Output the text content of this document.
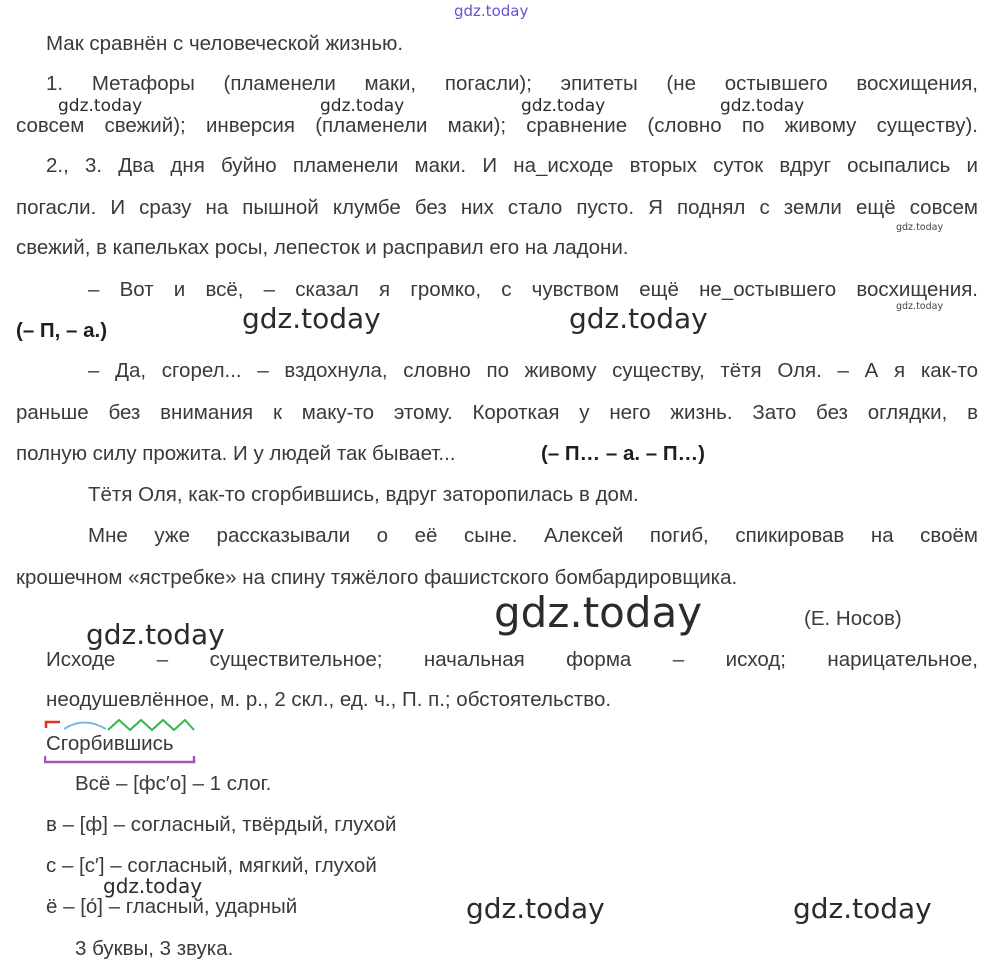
gdz.today
Мак сравнён с человеческой жизнью.
1. Метафоры (пламенели маки, погасли); эпитеты (не остывшего восхищения,
совсем свежий); инверсия (пламенели маки); сравнение (словно по живому существу).
2., 3. Два дня буйно пламенели маки. И на_исходе вторых суток вдруг осыпались и
погасли. И сразу на пышной клумбе без них стало пусто. Я поднял с земли ещё совсем
свежий, в капельках росы, лепесток и расправил его на ладони.
– Вот и всё, – сказал я громко, с чувством ещё не_остывшего восхищения.
(– П, – а.)
– Да, сгорел... – вздохнула, словно по живому существу, тётя Оля. – А я как-то
раньше без внимания к маку-то этому. Короткая у него жизнь. Зато без оглядки, в
полную силу прожита. И у людей так бывает...	(– П… – а. – П…)
Тётя Оля, как-то сгорбившись, вдруг заторопилась в дом.
Мне уже рассказывали о её сыне. Алексей погиб, спикировав на своём
крошечном «ястребке» на спину тяжёлого фашистского бомбардировщика.
(Е. Носов)
Исходе – существительное; начальная форма – исход; нарицательное,
неодушевлённое, м. р., 2 скл., ед. ч., П. п.; обстоятельство.
Сгорбившись
Всё – [фс′о] – 1 слог.
в – [ф] – согласный, твёрдый, глухой
с – [с′] – согласный, мягкий, глухой
ё – [о́] – гласный, ударный
3 буквы, 3 звука.
gdz.today	gdz.today	gdz.today	gdz.today
gdz.today
gdz.today
gdz.today	gdz.today
gdz.today
gdz.today
gdz.today
gdz.today	gdz.today
